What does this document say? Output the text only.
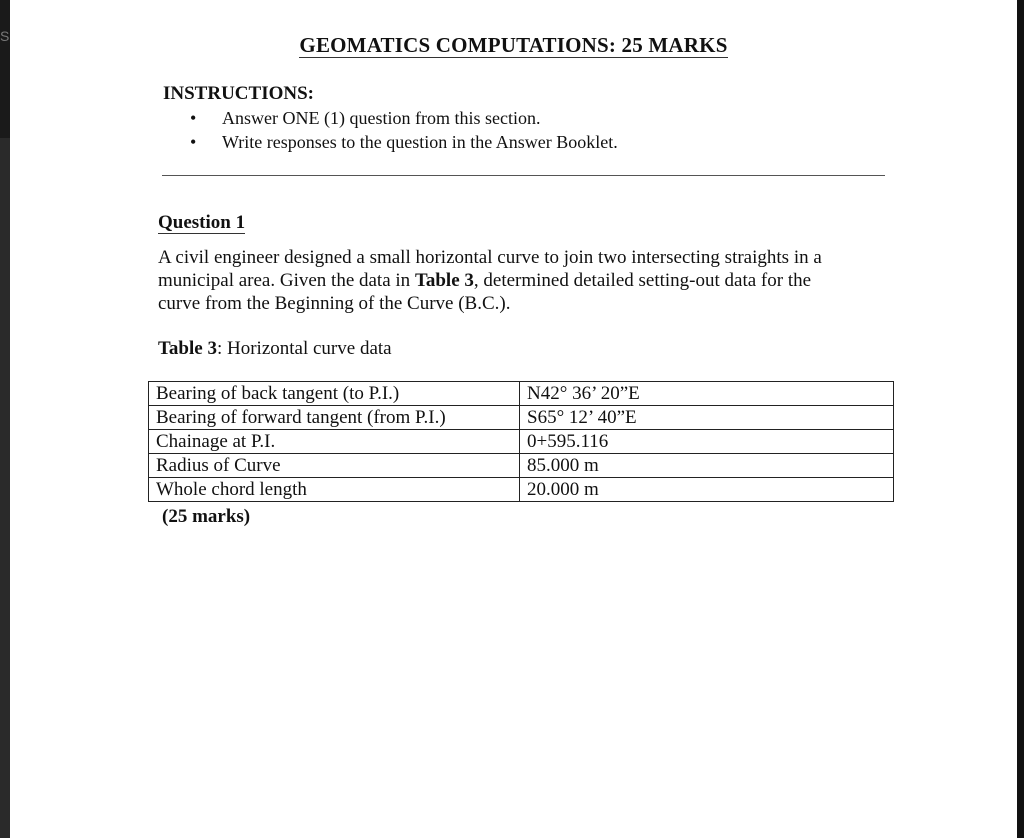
S	GEOMATICS COMPUTATIONS: 25 MARKS
INSTRUCTIONS:
• Answer ONE (1) question from this section.
• Write responses to the question in the Answer Booklet.
Question 1
A civil engineer designed a small horizontal curve to join two intersecting straights in a
municipal area. Given the data in Table 3, determined detailed setting-out data for the
curve from the Beginning of the Curve (B.C.).
Table 3: Horizontal curve data
Bearing of back tangent (to P.I.)	N42° 36’ 20”E
Bearing of forward tangent (from P.I.)	S65° 12’ 40”E
Chainage at P.I.	0+595.116
Radius of Curve	85.000 m
Whole chord length	20.000 m
(25 marks)
